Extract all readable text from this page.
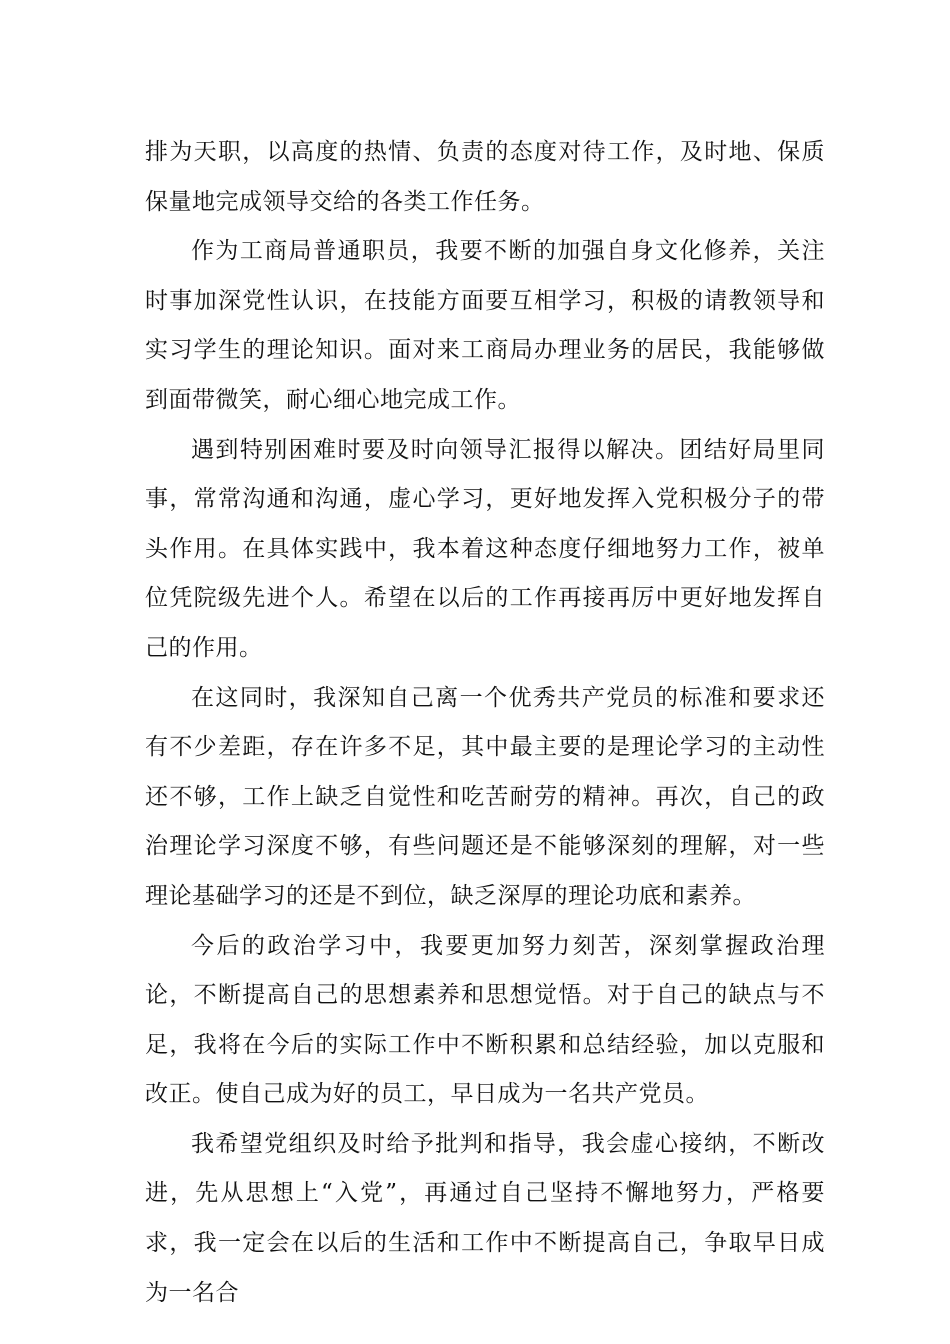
排为天职，以高度的热情、负责的态度对待工作，及时地、保质保量地完成领导交给的各类工作任务。

作为工商局普通职员，我要不断的加强自身文化修养，关注时事加深党性认识，在技能方面要互相学习，积极的请教领导和实习学生的理论知识。面对来工商局办理业务的居民，我能够做到面带微笑，耐心细心地完成工作。

遇到特别困难时要及时向领导汇报得以解决。团结好局里同事，常常沟通和沟通，虚心学习，更好地发挥入党积极分子的带头作用。在具体实践中，我本着这种态度仔细地努力工作，被单位凭院级先进个人。希望在以后的工作再接再厉中更好地发挥自己的作用。

在这同时，我深知自己离一个优秀共产党员的标准和要求还有不少差距，存在许多不足，其中最主要的是理论学习的主动性还不够，工作上缺乏自觉性和吃苦耐劳的精神。再次，自己的政治理论学习深度不够，有些问题还是不能够深刻的理解，对一些理论基础学习的还是不到位，缺乏深厚的理论功底和素养。

今后的政治学习中，我要更加努力刻苦，深刻掌握政治理论，不断提高自己的思想素养和思想觉悟。对于自己的缺点与不足，我将在今后的实际工作中不断积累和总结经验，加以克服和改正。使自己成为好的员工，早日成为一名共产党员。

我希望党组织及时给予批判和指导，我会虚心接纳，不断改进，先从思想上“入党”，再通过自己坚持不懈地努力，严格要求，我一定会在以后的生活和工作中不断提高自己，争取早日成为一名合
